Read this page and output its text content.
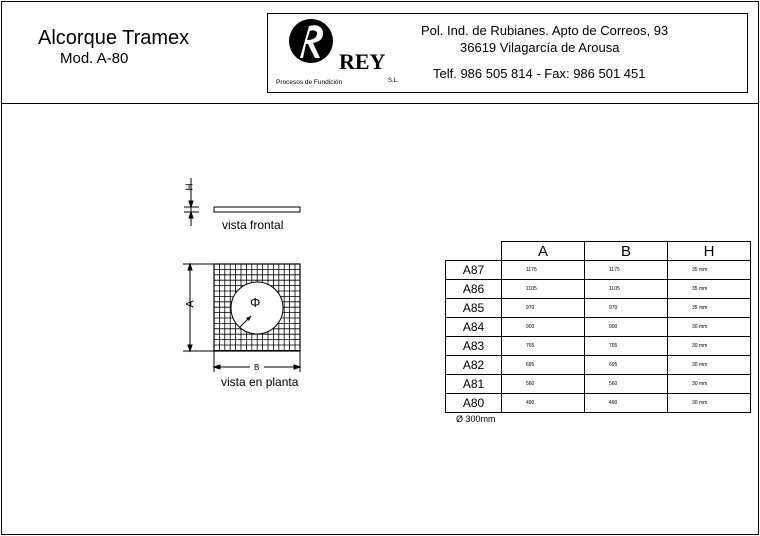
Alcorque Tramex
Mod. A-80	REY
Procesos de Fundición	S.L.
Pol. Ind. de Rubianes. Apto de Correos, 93
36619 Vilagarcía de Arousa
Telf. 986 505 814 - Fax: 986 501 451
H
vista frontal
Φ
A
B
vista en planta
	A	B	H
A87	1175	1175	35 mm
A86	1105	1105	35 mm
A85	970	970	35 mm
A84	900	900	30 mm
A83	765	765	30 mm
A82	695	695	30 mm
A81	560	560	30 mm
A80	490	490	30 mm
Ø 300mm
